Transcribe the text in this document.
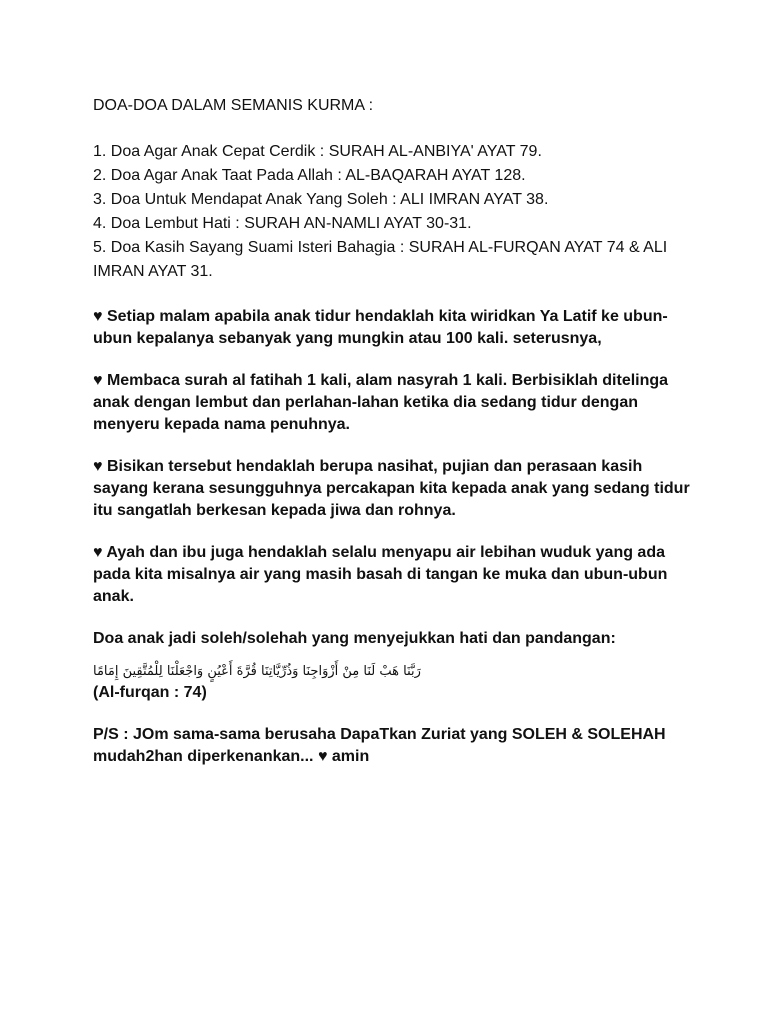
DOA-DOA DALAM SEMANIS KURMA :
1. Doa Agar Anak Cepat Cerdik : SURAH AL-ANBIYA' AYAT 79.
2. Doa Agar Anak Taat Pada Allah : AL-BAQARAH AYAT 128.
3. Doa Untuk Mendapat Anak Yang Soleh : ALI IMRAN AYAT 38.
4. Doa Lembut Hati : SURAH AN-NAMLI AYAT 30-31.
5. Doa Kasih Sayang Suami Isteri Bahagia : SURAH AL-FURQAN AYAT 74 & ALI IMRAN AYAT 31.

♥ Setiap malam apabila anak tidur hendaklah kita wiridkan Ya Latif ke ubun-ubun kepalanya sebanyak yang mungkin atau 100 kali. seterusnya,

♥ Membaca surah al fatihah 1 kali, alam nasyrah 1 kali. Berbisiklah ditelinga anak dengan lembut dan perlahan-lahan ketika dia sedang tidur dengan menyeru kepada nama penuhnya.

♥ Bisikan tersebut hendaklah berupa nasihat, pujian dan perasaan kasih sayang kerana sesungguhnya percakapan kita kepada anak yang sedang tidur itu sangatlah berkesan kepada jiwa dan rohnya.

♥ Ayah dan ibu juga hendaklah selalu menyapu air lebihan wuduk yang ada pada kita misalnya air yang masih basah di tangan ke muka dan ubun-ubun anak.

Doa anak jadi soleh/solehah yang menyejukkan hati dan pandangan:

رَبَّنَا هَبْ لَنَا مِنْ أَزْوَاجِنَا وَذُرِّيَّاتِنَا قُرَّةَ أَعْيُنٍ وَاجْعَلْنَا لِلْمُتَّقِينَ إِمَامًا

(Al-furqan : 74)

P/S : JOm sama-sama berusaha DapaTkan Zuriat yang SOLEH & SOLEHAH mudah2han diperkenankan... ♥ amin
